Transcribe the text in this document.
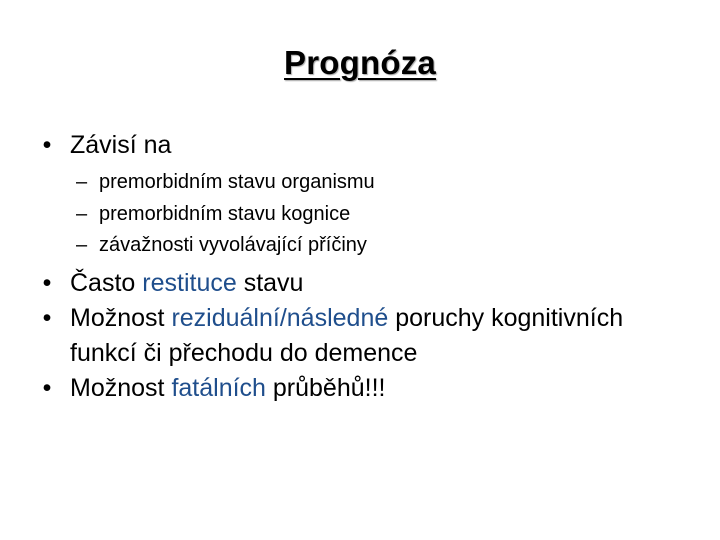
Prognóza
• Závisí na
– premorbidním stavu organismu
– premorbidním stavu kognice
– závažnosti vyvolávající příčiny
• Často restituce stavu
• Možnost reziduální/následné poruchy kognitivních funkcí či přechodu do demence
• Možnost fatálních průběhů!!!
